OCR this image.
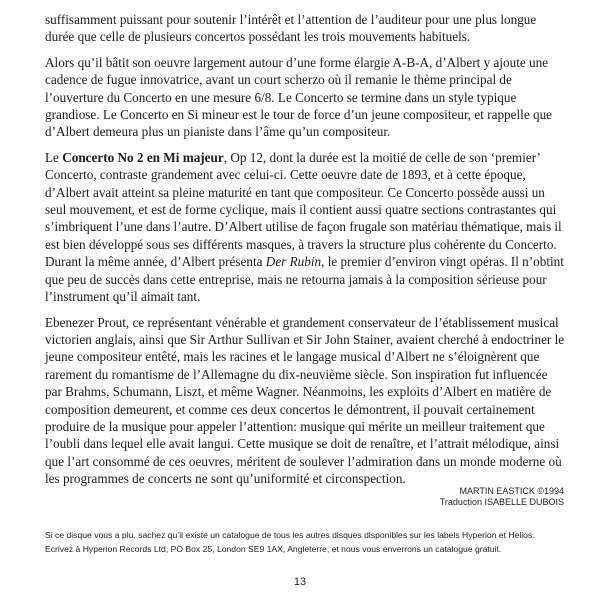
suffisamment puissant pour soutenir l’intérêt et l’attention de l’auditeur pour une plus longue durée que celle de plusieurs concertos possédant les trois mouvements habituels.

Alors qu’il bâtit son oeuvre largement autour d’une forme élargie A-B-A, d’Albert y ajoute une cadence de fugue innovatrice, avant un court scherzo où il remanie le thème principal de l’ouverture du Concerto en une mesure 6/8. Le Concerto se termine dans un style typique grandiose. Le Concerto en Si mineur est le tour de force d’un jeune compositeur, et rappelle que d’Albert demeura plus un pianiste dans l’âme qu’un compositeur.

Le Concerto No 2 en Mi majeur, Op 12, dont la durée est la moitié de celle de son ‘premier’ Concerto, contraste grandement avec celui-ci. Cette oeuvre date de 1893, et à cette époque, d’Albert avait atteint sa pleine maturité en tant que compositeur. Ce Concerto possède aussi un seul mouvement, et est de forme cyclique, mais il contient aussi quatre sections contrastantes qui s’imbriquent l’une dans l’autre. D’Albert utilise de façon frugale son matériau thématique, mais il est bien développé sous ses différents masques, à travers la structure plus cohérente du Concerto. Durant la même année, d’Albert présenta Der Rubin, le premier d’environ vingt opéras. Il n’obtint que peu de succès dans cette entreprise, mais ne retourna jamais à la composition sérieuse pour l’instrument qu’il aimait tant.

Ebenezer Prout, ce représentant vénérable et grandement conservateur de l’établissement musical victorien anglais, ainsi que Sir Arthur Sullivan et Sir John Stainer, avaient cherché à endoctriner le jeune compositeur entêté, mais les racines et le langage musical d’Albert ne s’éloignèrent que rarement du romantisme de l’Allemagne du dix-neuvième siècle. Son inspiration fut influencée par Brahms, Schumann, Liszt, et même Wagner. Néanmoins, les exploits d’Albert en matière de composition demeurent, et comme ces deux concertos le démontrent, il pouvait certainement produire de la musique pour appeler l’attention: musique qui mérite un meilleur traitement que l’oubli dans lequel elle avait langui. Cette musique se doit de renaître, et l’attrait mélodique, ainsi que l’art consommé de ces oeuvres, méritent de soulever l’admiration dans un monde moderne où les programmes de concerts ne sont qu’uniformité et circonspection.

MARTIN EASTICK ©1994
Traduction ISABELLE DUBOIS
Si ce disque vous a plu, sachez qu’il existe un catalogue de tous les autres disques disponibles sur les labels Hyperion et Helios.
Ecrivez à Hyperion Records Ltd, PO Box 25, London SE9 1AX, Angleterre, et nous vous enverrons un catalogue gratuit.
13
